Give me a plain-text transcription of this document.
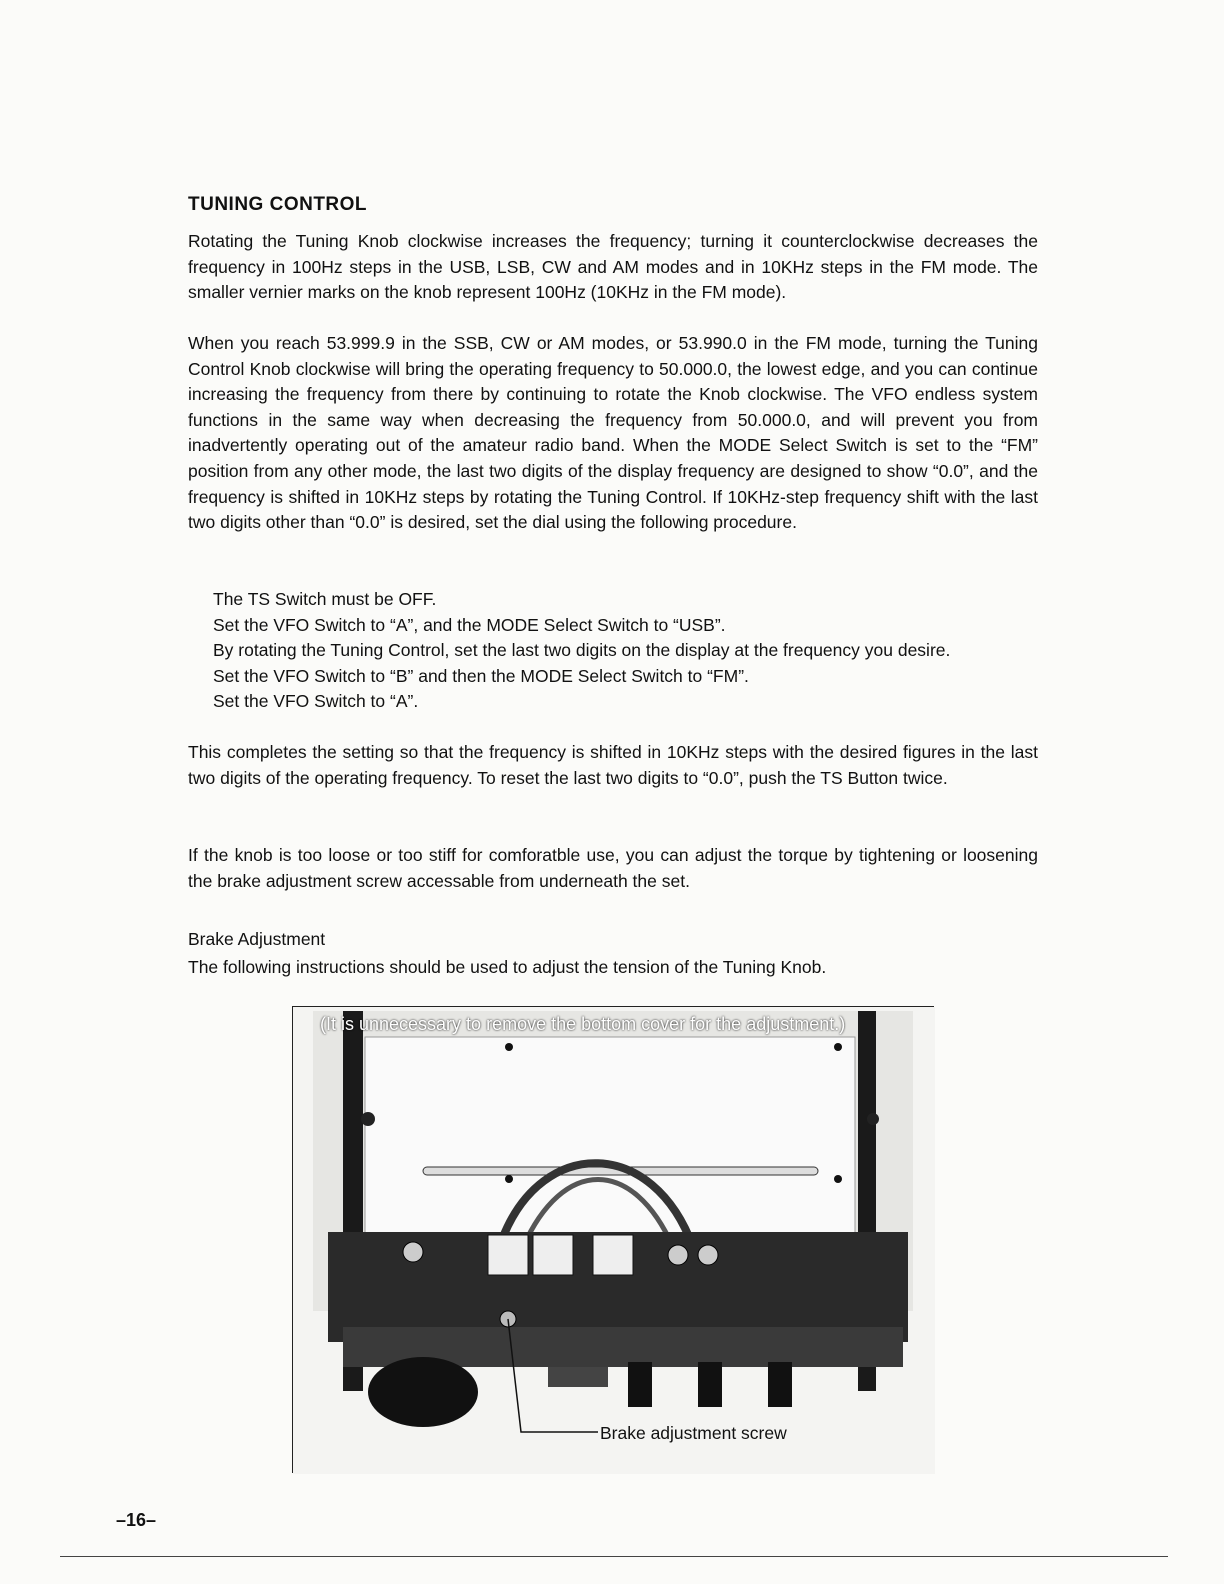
TUNING CONTROL

Rotating the Tuning Knob clockwise increases the frequency; turning it counterclockwise decreases the frequency in 100Hz steps in the USB, LSB, CW and AM modes and in 10KHz steps in the FM mode. The smaller vernier marks on the knob represent 100Hz (10KHz in the FM mode).

When you reach 53.999.9 in the SSB, CW or AM modes, or 53.990.0 in the FM mode, turning the Tuning Control Knob clockwise will bring the operating frequency to 50.000.0, the lowest edge, and you can continue increasing the frequency from there by continuing to rotate the Knob clockwise. The VFO endless system functions in the same way when decreasing the frequency from 50.000.0, and will prevent you from inadvertently operating out of the amateur radio band. When the MODE Select Switch is set to the “FM” position from any other mode, the last two digits of the display frequency are designed to show “0.0”, and the frequency is shifted in 10KHz steps by rotating the Tuning Control. If 10KHz-step frequency shift with the last two digits other than “0.0” is desired, set the dial using the following procedure.

The TS Switch must be OFF.
Set the VFO Switch to “A”, and the MODE Select Switch to “USB”.
By rotating the Tuning Control, set the last two digits on the display at the frequency you desire.
Set the VFO Switch to “B” and then the MODE Select Switch to “FM”.
Set the VFO Switch to “A”.

This completes the setting so that the frequency is shifted in 10KHz steps with the desired figures in the last two digits of the operating frequency. To reset the last two digits to “0.0”, push the TS Button twice.

If the knob is too loose or too stiff for comforatble use, you can adjust the torque by tightening or loosening the brake adjustment screw accessable from underneath the set.

Brake Adjustment

The following instructions should be used to adjust the tension of the Tuning Knob.

(It is unnecessary to remove the bottom cover for the adjustment.)
Brake adjustment screw
–16–
